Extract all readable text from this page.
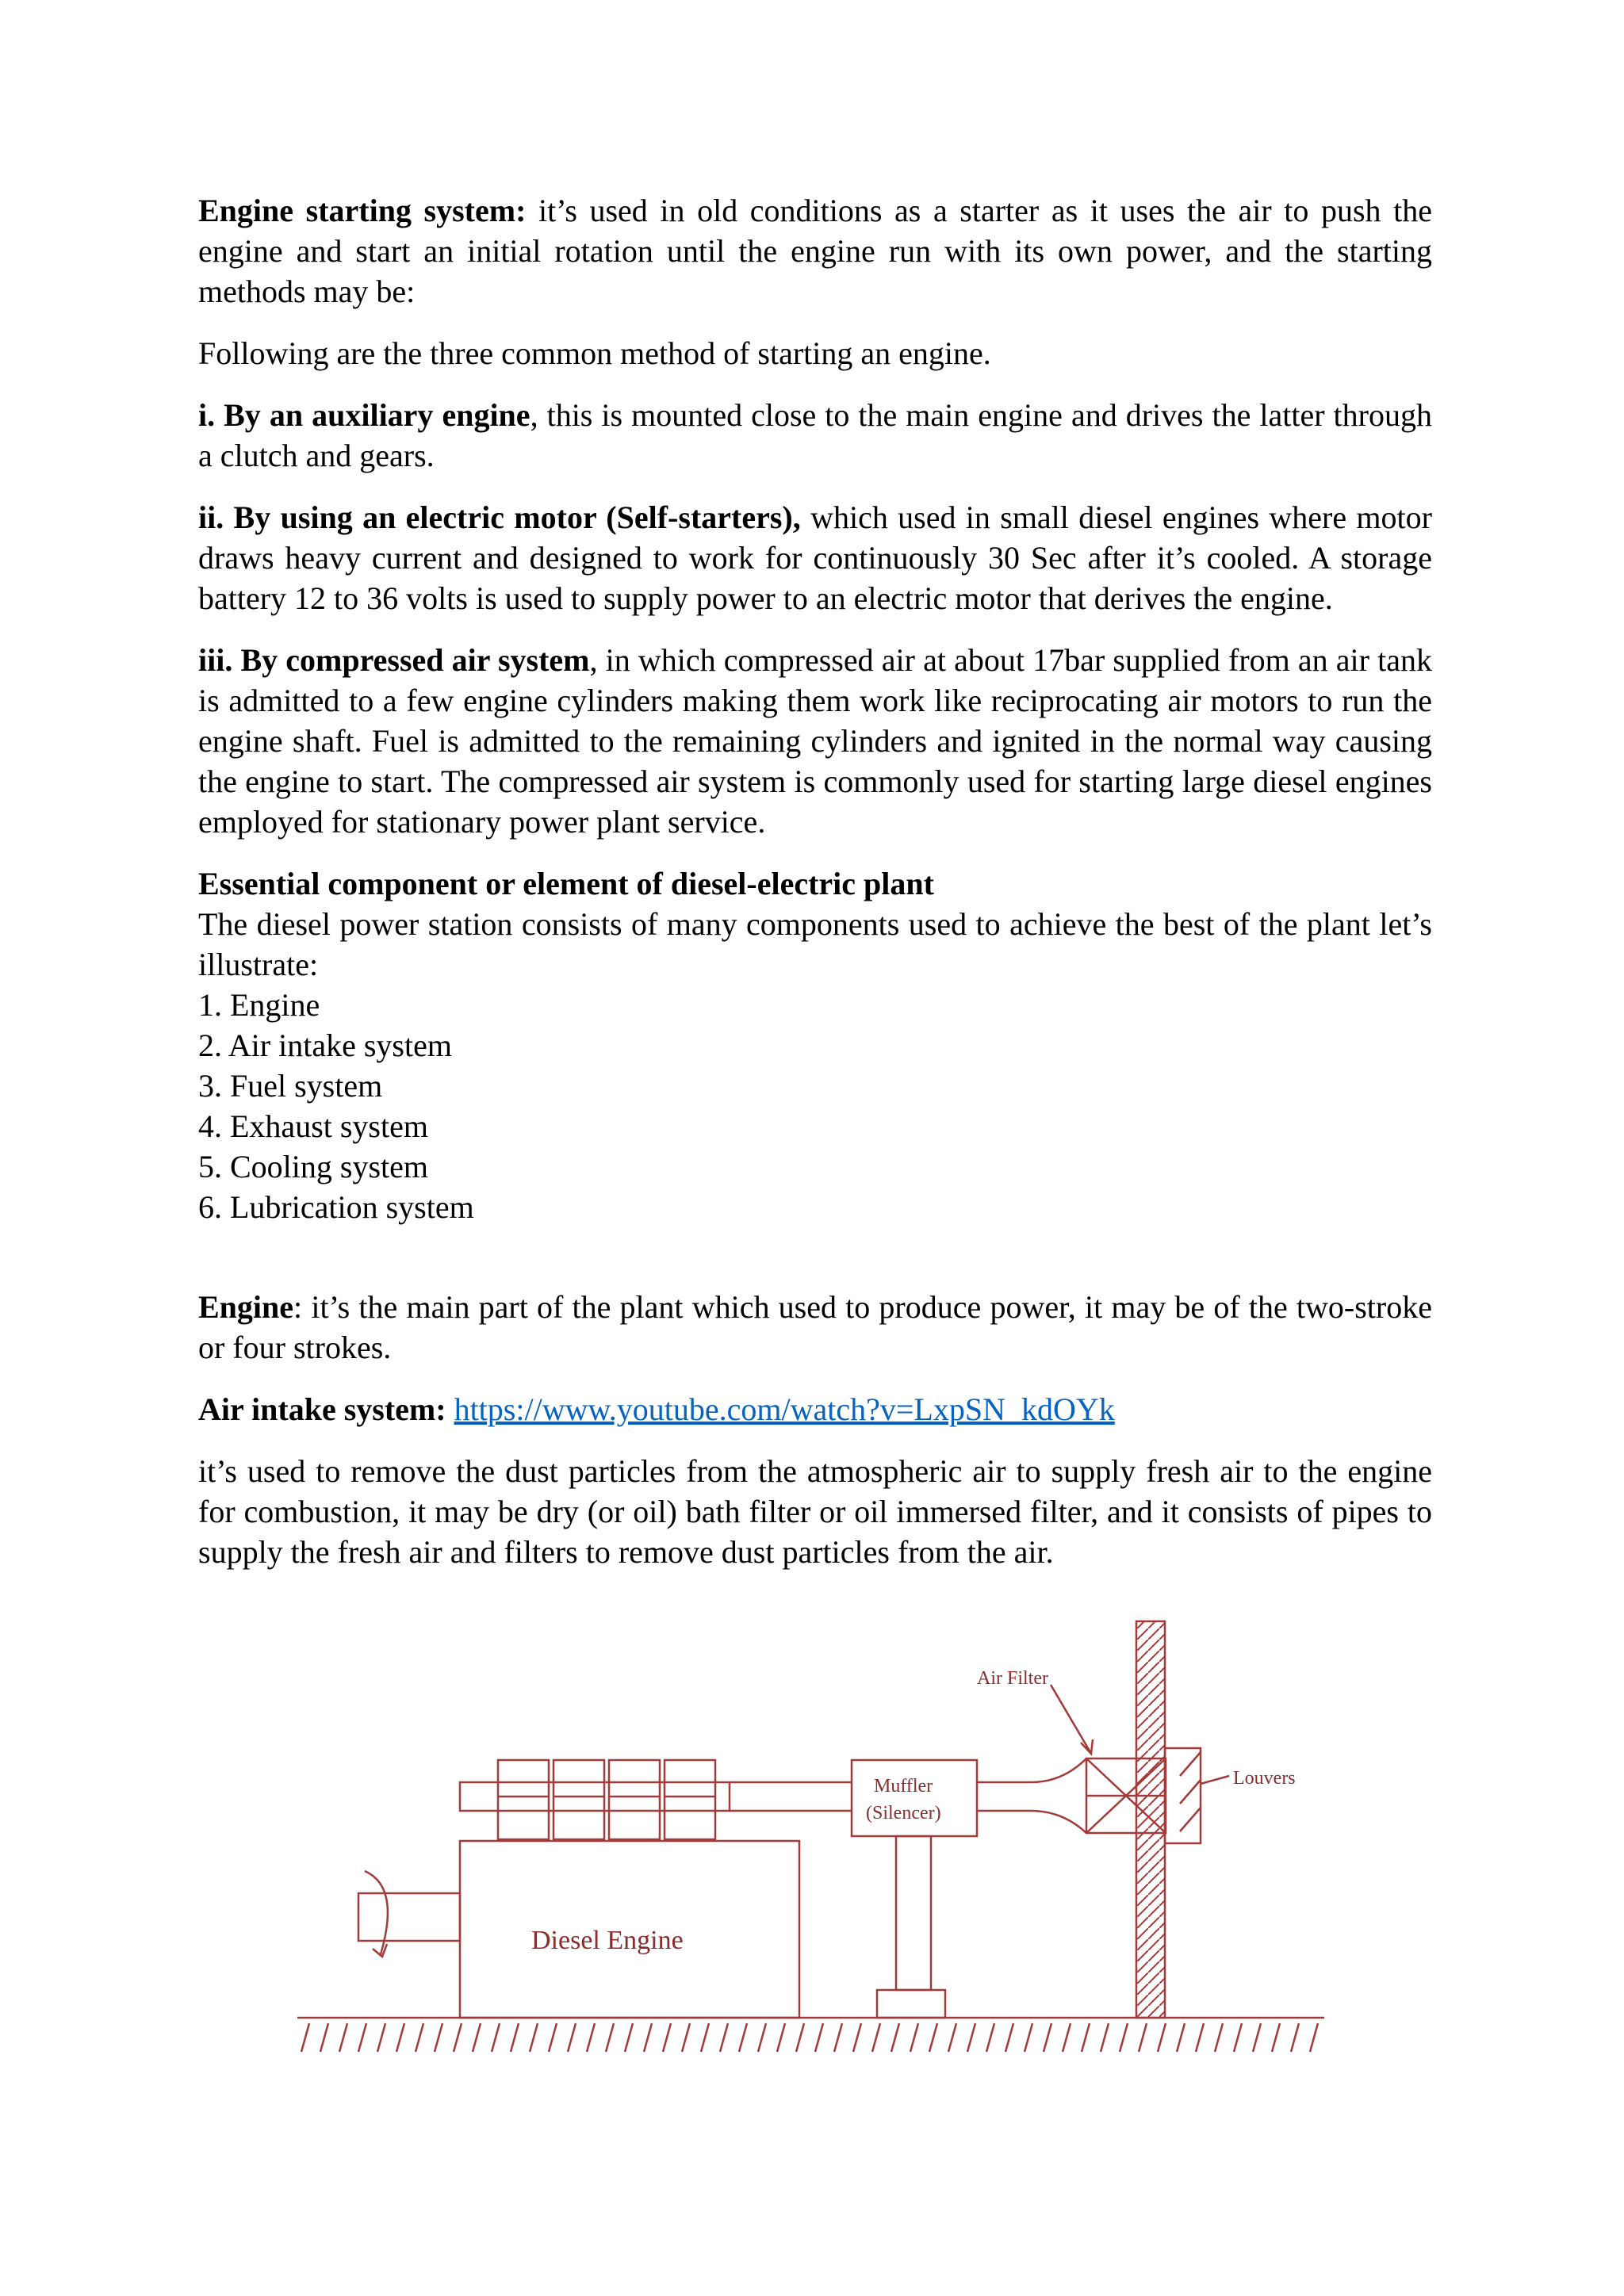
Engine starting system: it’s used in old conditions as a starter as it uses the air to push the engine and start an initial rotation until the engine run with its own power, and the starting methods may be:

Following are the three common method of starting an engine.

i. By an auxiliary engine, this is mounted close to the main engine and drives the latter through a clutch and gears.

ii. By using an electric motor (Self-starters), which used in small diesel engines where motor draws heavy current and designed to work for continuously 30 Sec after it’s cooled. A storage battery 12 to 36 volts is used to supply power to an electric motor that derives the engine.

iii. By compressed air system, in which compressed air at about 17bar supplied from an air tank is admitted to a few engine cylinders making them work like reciprocating air motors to run the engine shaft. Fuel is admitted to the remaining cylinders and ignited in the normal way causing the engine to start. The compressed air system is commonly used for starting large diesel engines employed for stationary power plant service.

Essential component or element of diesel-electric plant

The diesel power station consists of many components used to achieve the best of the plant let’s illustrate:

1. Engine
2. Air intake system
3. Fuel system
4. Exhaust system
5. Cooling system
6. Lubrication system

Engine: it’s the main part of the plant which used to produce power, it may be of the two-stroke or four strokes.

Air intake system: https://www.youtube.com/watch?v=LxpSN_kdOYk

it’s used to remove the dust particles from the atmospheric air to supply fresh air to the engine for combustion, it may be dry (or oil) bath filter or oil immersed filter, and it consists of pipes to supply the fresh air and filters to remove dust particles from the air.

Diesel Engine
Muffler
(Silencer)
Air Filter
Louvers
